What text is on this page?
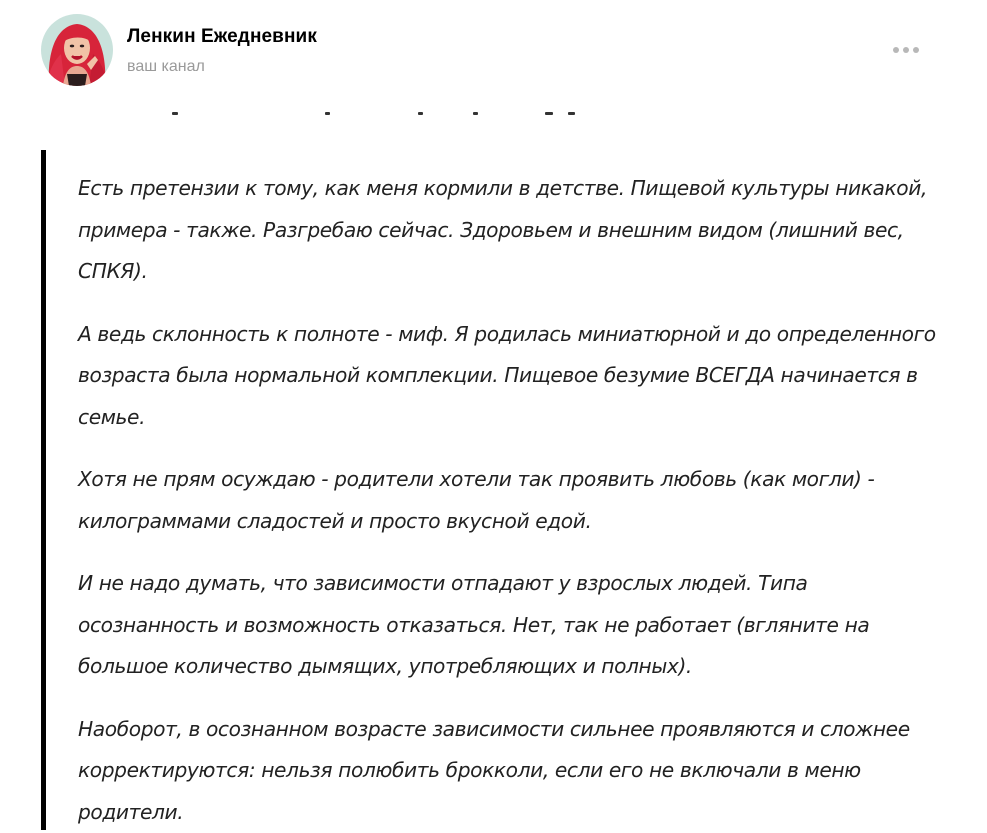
Ленкин Ежедневник
ваш канал

Есть претензии к тому, как меня кормили в детстве. Пищевой культуры никакой, примера - также. Разгребаю сейчас. Здоровьем и внешним видом (лишний вес, СПКЯ).

А ведь склонность к полноте - миф. Я родилась миниатюрной и до определенного возраста была нормальной комплекции. Пищевое безумие ВСЕГДА начинается в семье.

Хотя не прям осуждаю - родители хотели так проявить любовь (как могли) - килограммами сладостей и просто вкусной едой.

И не надо думать, что зависимости отпадают у взрослых людей. Типа осознанность и возможность отказаться. Нет, так не работает (вгляните на большое количество дымящих, употребляющих и полных).

Наоборот, в осознанном возрасте зависимости сильнее проявляются и сложнее корректируются: нельзя полюбить брокколи, если его не включали в меню родители.
